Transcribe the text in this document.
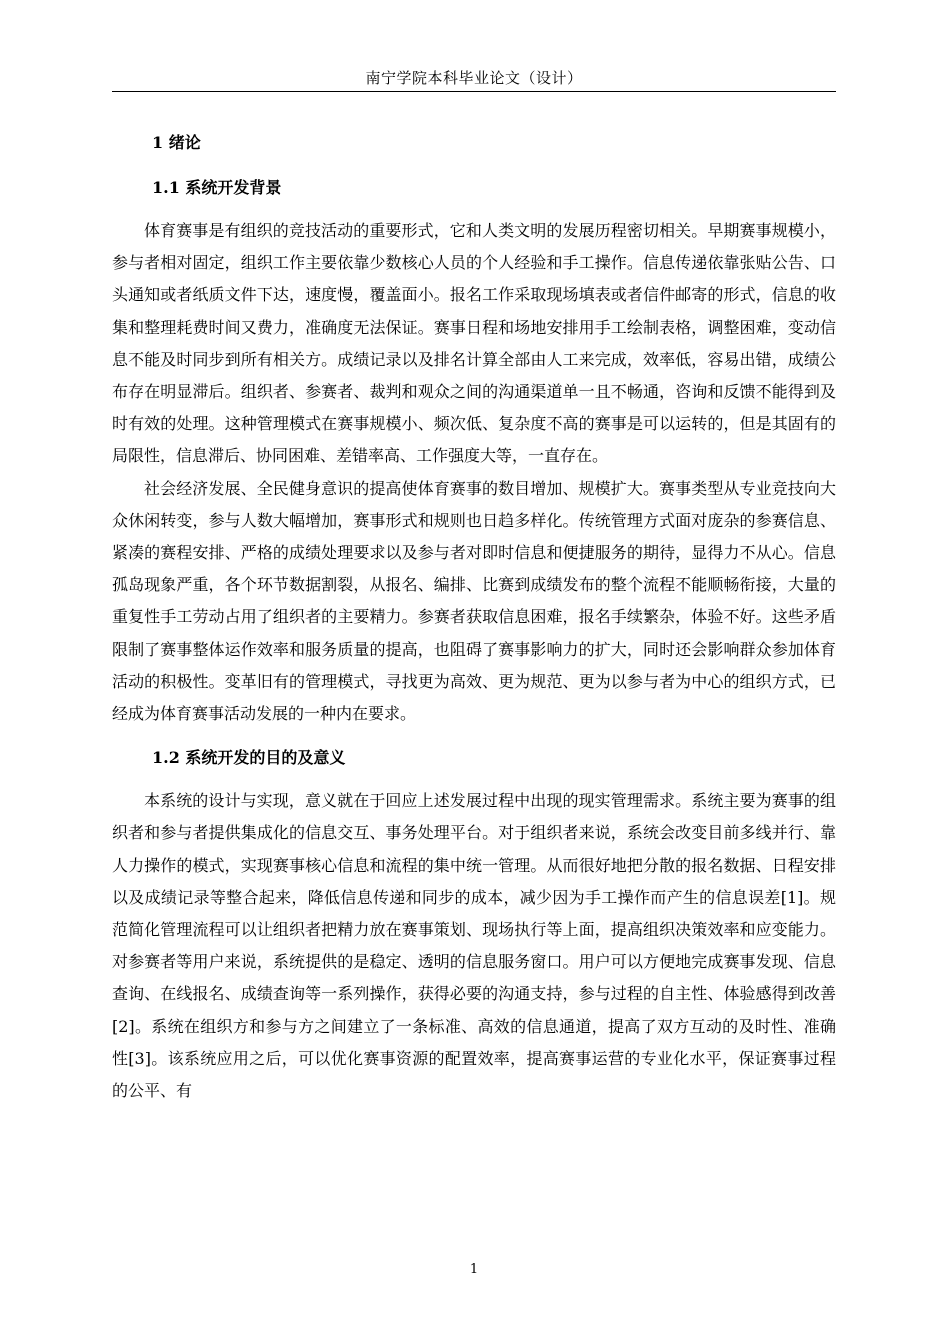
南宁学院本科毕业论文（设计）
1 绪论
1.1 系统开发背景

体育赛事是有组织的竞技活动的重要形式，它和人类文明的发展历程密切相关。早期赛事规模小，参与者相对固定，组织工作主要依靠少数核心人员的个人经验和手工操作。信息传递依靠张贴公告、口头通知或者纸质文件下达，速度慢，覆盖面小。报名工作采取现场填表或者信件邮寄的形式，信息的收集和整理耗费时间又费力，准确度无法保证。赛事日程和场地安排用手工绘制表格，调整困难，变动信息不能及时同步到所有相关方。成绩记录以及排名计算全部由人工来完成，效率低，容易出错，成绩公布存在明显滞后。组织者、参赛者、裁判和观众之间的沟通渠道单一且不畅通，咨询和反馈不能得到及时有效的处理。这种管理模式在赛事规模小、频次低、复杂度不高的赛事是可以运转的，但是其固有的局限性，信息滞后、协同困难、差错率高、工作强度大等，一直存在。

社会经济发展、全民健身意识的提高使体育赛事的数目增加、规模扩大。赛事类型从专业竞技向大众休闲转变，参与人数大幅增加，赛事形式和规则也日趋多样化。传统管理方式面对庞杂的参赛信息、紧凑的赛程安排、严格的成绩处理要求以及参与者对即时信息和便捷服务的期待，显得力不从心。信息孤岛现象严重，各个环节数据割裂，从报名、编排、比赛到成绩发布的整个流程不能顺畅衔接，大量的重复性手工劳动占用了组织者的主要精力。参赛者获取信息困难，报名手续繁杂，体验不好。这些矛盾限制了赛事整体运作效率和服务质量的提高，也阻碍了赛事影响力的扩大，同时还会影响群众参加体育活动的积极性。变革旧有的管理模式，寻找更为高效、更为规范、更为以参与者为中心的组织方式，已经成为体育赛事活动发展的一种内在要求。

1.2 系统开发的目的及意义

本系统的设计与实现，意义就在于回应上述发展过程中出现的现实管理需求。系统主要为赛事的组织者和参与者提供集成化的信息交互、事务处理平台。对于组织者来说，系统会改变目前多线并行、靠人力操作的模式，实现赛事核心信息和流程的集中统一管理。从而很好地把分散的报名数据、日程安排以及成绩记录等整合起来，降低信息传递和同步的成本，减少因为手工操作而产生的信息误差[1]。规范简化管理流程可以让组织者把精力放在赛事策划、现场执行等上面，提高组织决策效率和应变能力。对参赛者等用户来说，系统提供的是稳定、透明的信息服务窗口。用户可以方便地完成赛事发现、信息查询、在线报名、成绩查询等一系列操作，获得必要的沟通支持，参与过程的自主性、体验感得到改善[2]。系统在组织方和参与方之间建立了一条标准、高效的信息通道，提高了双方互动的及时性、准确性[3]。该系统应用之后，可以优化赛事资源的配置效率，提高赛事运营的专业化水平，保证赛事过程的公平、有

1
